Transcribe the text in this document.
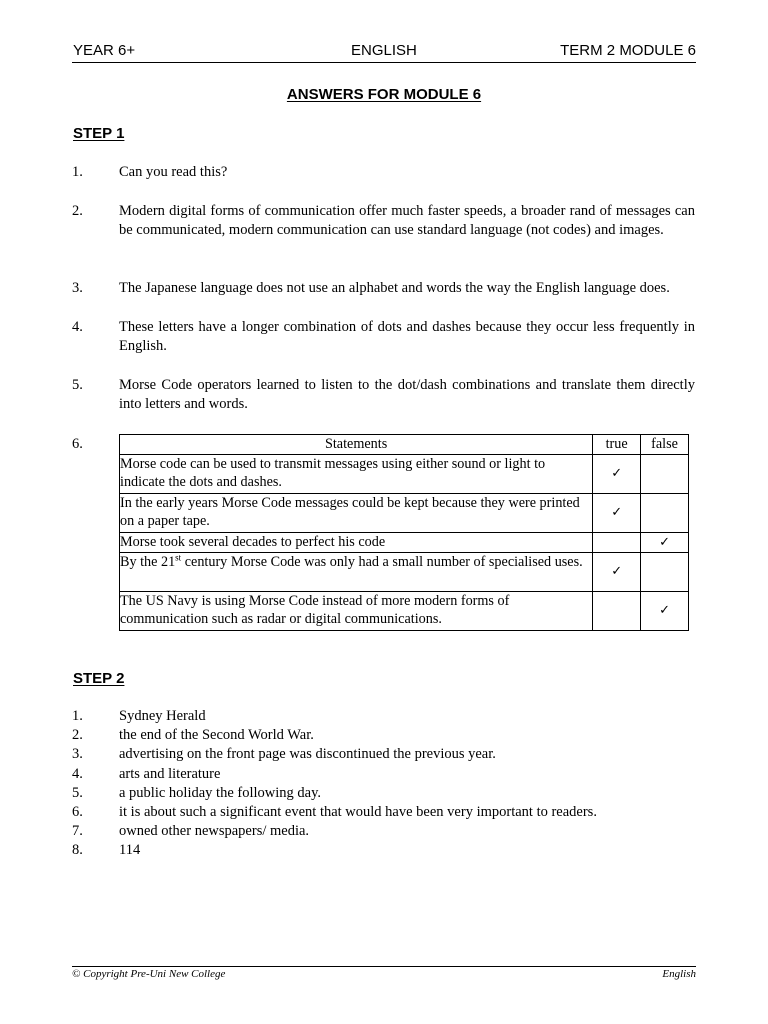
YEAR 6+	ENGLISH	TERM 2 MODULE 6
ANSWERS FOR MODULE 6
STEP 1
1. Can you read this?
2. Modern digital forms of communication offer much faster speeds, a broader rand of messages can be communicated, modern communication can use standard language (not codes) and images.
3. The Japanese language does not use an alphabet and words the way the English language does.
4. These letters have a longer combination of dots and dashes because they occur less frequently in English.
5. Morse Code operators learned to listen to the dot/dash combinations and translate them directly into letters and words.
6.	Statements	true	false
Morse code can be used to transmit messages using either sound or light to indicate the dots and dashes.	✓	
In the early years Morse Code messages could be kept because they were printed on a paper tape.	✓	
Morse took several decades to perfect his code		✓
By the 21st century Morse Code was only had a small number of specialised uses.	✓	
The US Navy is using Morse Code instead of more modern forms of communication such as radar or digital communications.		✓
STEP 2
1. Sydney Herald
2. the end of the Second World War.
3. advertising on the front page was discontinued the previous year.
4. arts and literature
5. a public holiday the following day.
6. it is about such a significant event that would have been very important to readers.
7. owned other newspapers/ media.
8. 114
© Copyright Pre-Uni New College	English
